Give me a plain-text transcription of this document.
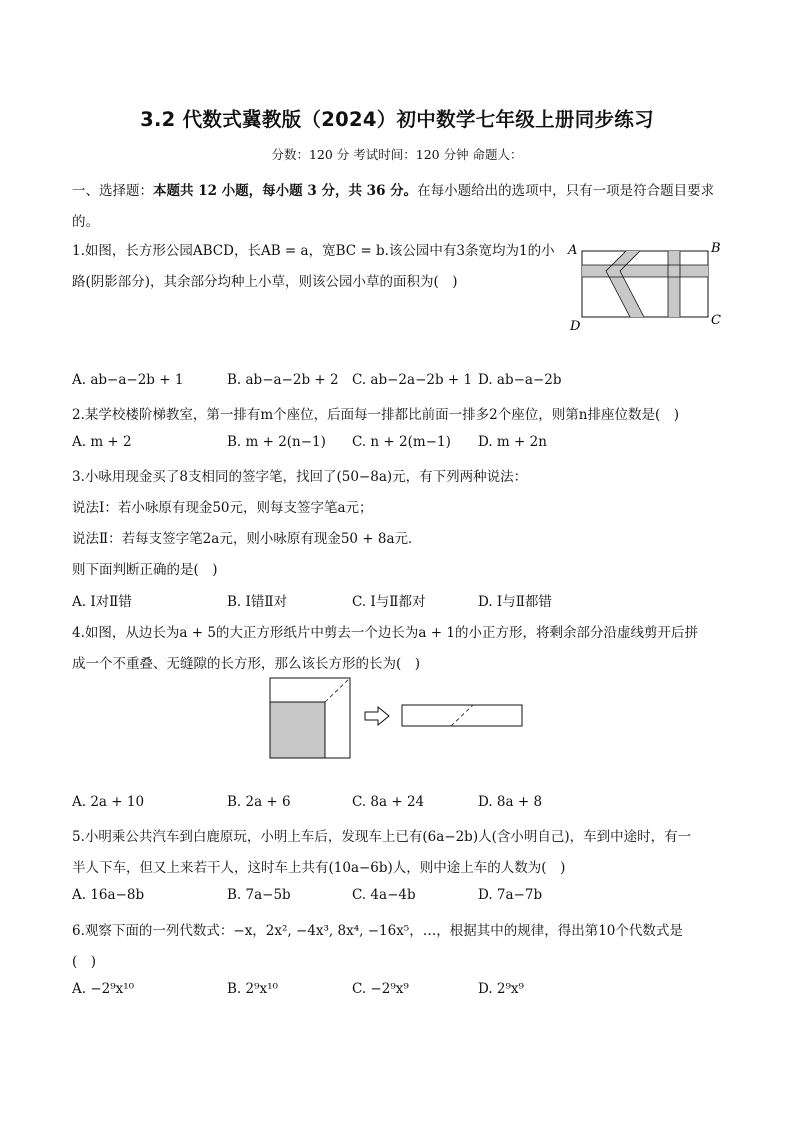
3.2 代数式冀教版（2024）初中数学七年级上册同步练习
分数：120 分 考试时间：120 分钟 命题人：
一、选择题：本题共 12 小题，每小题 3 分，共 36 分。在每小题给出的选项中，只有一项是符合题目要求的。
1.如图，长方形公园ABCD，长AB = a，宽BC = b.该公园中有3条宽均为1的小
路(阴影部分)，其余部分均种上小草，则该公园小草的面积为(　)
A	B
C
D
A. ab−a−2b + 1	B. ab−a−2b + 2 C. ab−2a−2b + 1 D. ab−a−2b
2.某学校楼阶梯教室，第一排有m个座位，后面每一排都比前面一排多2个座位，则第n排座位数是(　)
A. m + 2	B. m + 2(n−1) C. n + 2(m−1) D. m + 2n
3.小咏用现金买了8支相同的签字笔，找回了(50−8a)元，有下列两种说法：
说法Ⅰ：若小咏原有现金50元，则每支签字笔a元；
说法Ⅱ：若每支签字笔2a元，则小咏原有现金50 + 8a元．
则下面判断正确的是(　)
A. Ⅰ对Ⅱ错	B. Ⅰ错Ⅱ对	C. Ⅰ与Ⅱ都对	D. Ⅰ与Ⅱ都错
4.如图，从边长为a + 5的大正方形纸片中剪去一个边长为a + 1的小正方形，将剩余部分沿虚线剪开后拼
成一个不重叠、无缝隙的长方形，那么该长方形的长为(　)
A. 2a + 10	B. 2a + 6	C. 8a + 24	D. 8a + 8
5.小明乘公共汽车到白鹿原玩，小明上车后，发现车上已有(6a−2b)人(含小明自己)，车到中途时，有一
半人下车，但又上来若干人，这时车上共有(10a−6b)人，则中途上车的人数为(　)
A. 16a−8b	B. 7a−5b	C. 4a−4b	D. 7a−7b
6.观察下面的一列代数式：−x，2x², −4x³, 8x⁴, −16x⁵，…，根据其中的规律，得出第10个代数式是
(　)
A. −2⁹x¹⁰	B. 2⁹x¹⁰	C. −2⁹x⁹	D. 2⁹x⁹
